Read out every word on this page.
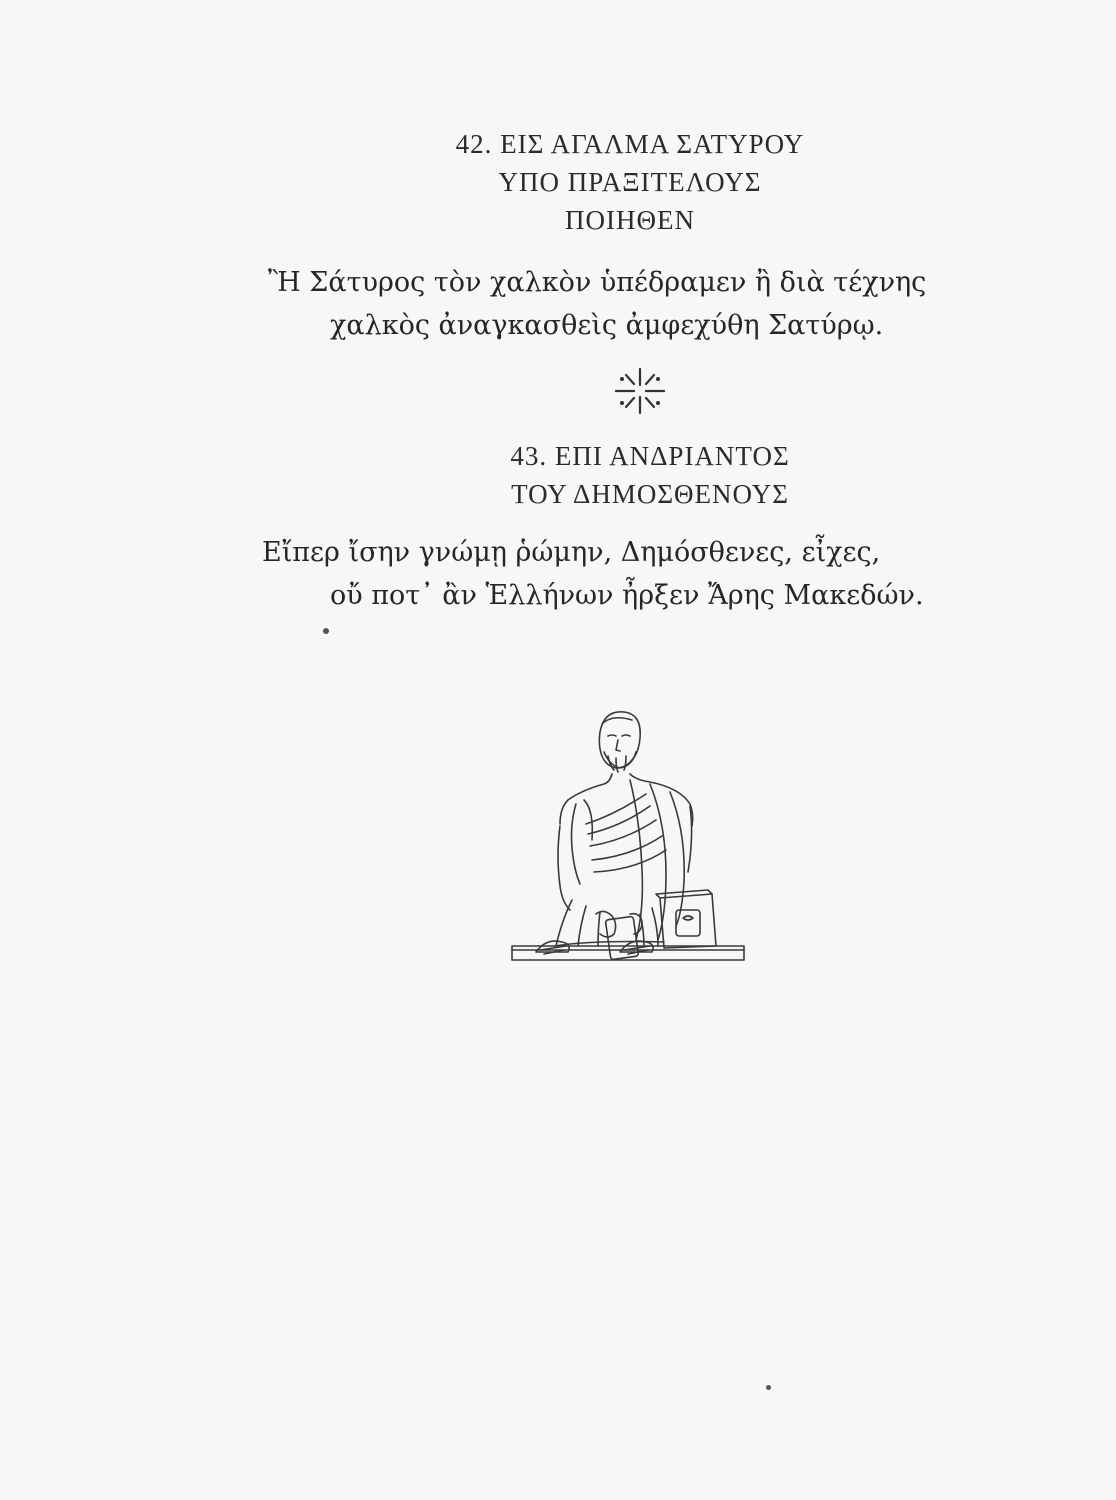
42. ΕΙΣ ΑΓΑΛΜΑ ΣΑΤΥΡΟΥ
ΥΠΟ ΠΡΑΞΙΤΕΛΟΥΣ
ΠΟΙΗΘΕΝ
Ἢ Σάτυρος τὸν χαλκὸν ὑπέδραμεν ἢ διὰ τέχνης
χαλκὸς ἀναγκασθεὶς ἀμφεχύθη Σατύρῳ.
43. ΕΠΙ ΑΝΔΡΙΑΝΤΟΣ
ΤΟΥ ΔΗΜΟΣΘΕΝΟΥΣ
Εἴπερ ἴσην γνώμῃ ῥώμην, Δημόσθενες, εἶχες,
οὔ ποτ᾽ ἂν Ἑλλήνων ἦρξεν Ἄρης Μακεδών.
